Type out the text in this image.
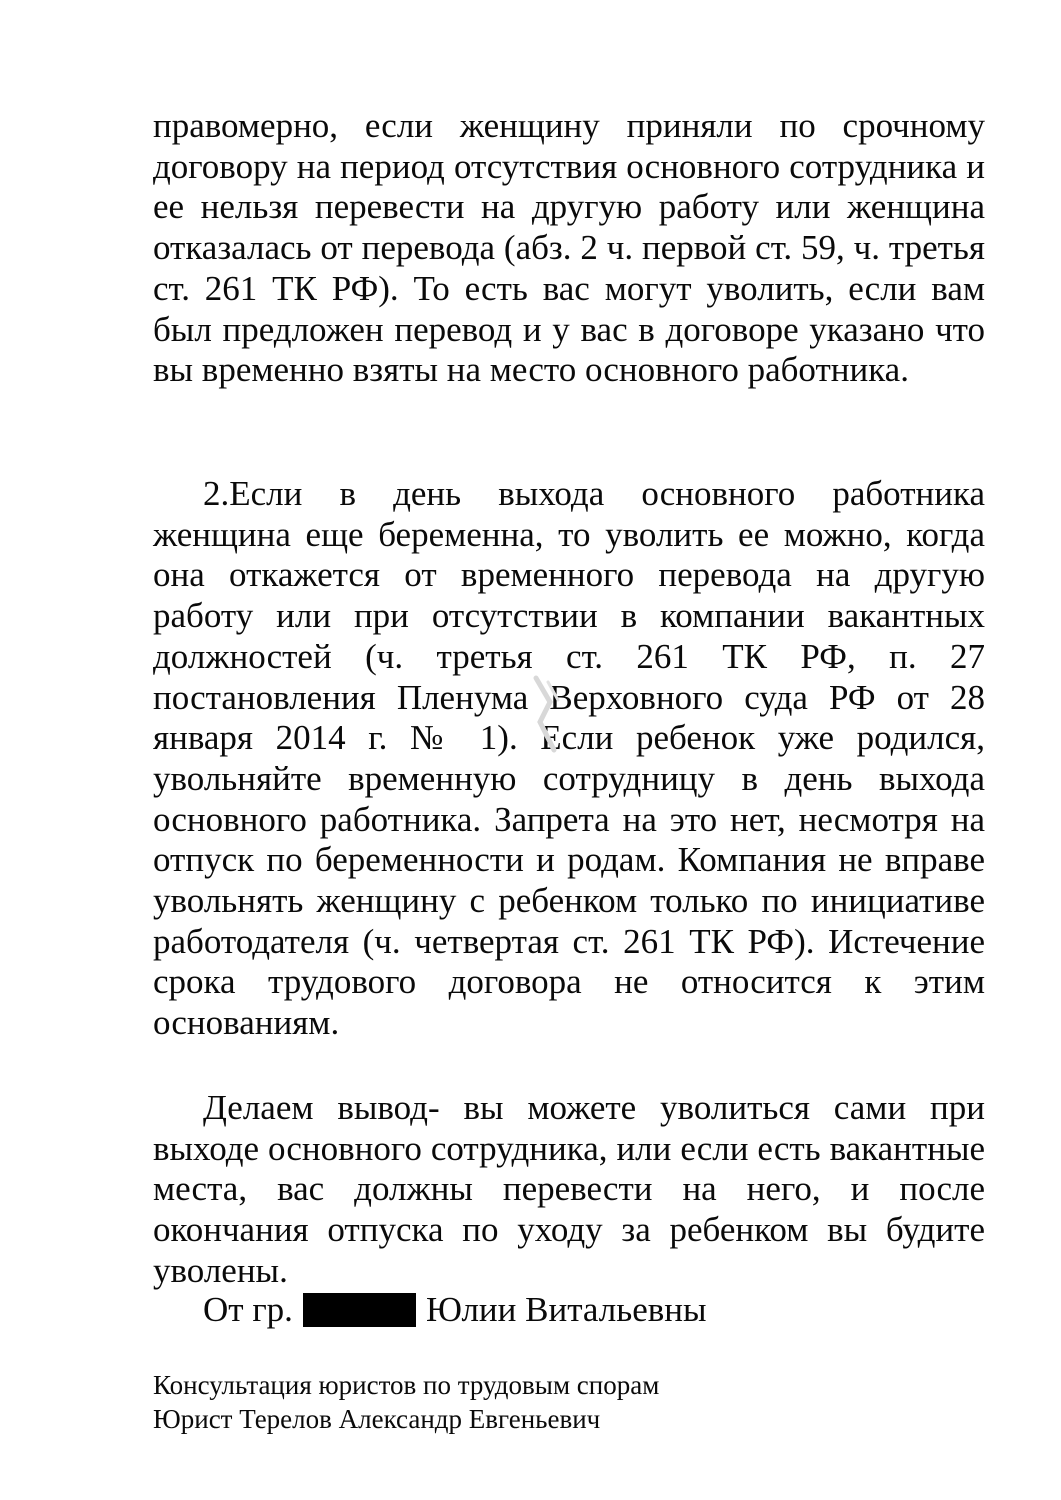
правомерно, если женщину приняли по срочному договору на период отсутствия основного сотрудника и ее нельзя перевести на другую работу или женщина отказалась от перевода (абз. 2 ч. первой ст. 59, ч. третья ст. 261 ТК РФ). То есть вас могут уволить, если вам был предложен перевод и у вас в договоре указано что вы временно взяты на место основного работника.

2.Если в день выхода основного работника женщина еще беременна, то уволить ее можно, когда она откажется от временного перевода на другую работу или при отсутствии в компании вакантных должностей (ч. третья ст. 261 ТК РФ, п. 27 постановления Пленума Верховного суда РФ от 28 января 2014 г. № 1). Если ребенок уже родился, увольняйте временную сотрудницу в день выхода основного работника. Запрета на это нет, несмотря на отпуск по беременности и родам. Компания не вправе увольнять женщину с ребенком только по инициативе работодателя (ч. четвертая ст. 261 ТК РФ). Истечение срока трудового договора не относится к этим основаниям.

Делаем вывод- вы можете уволиться сами при выходе основного сотрудника, или если есть вакантные места, вас должны перевести на него, и после окончания отпуска по уходу за ребенком вы будите уволены.

От гр.	Юлии Витальевны
Консультация юристов по трудовым спорам
Юрист Терелов Александр Евгеньевич
